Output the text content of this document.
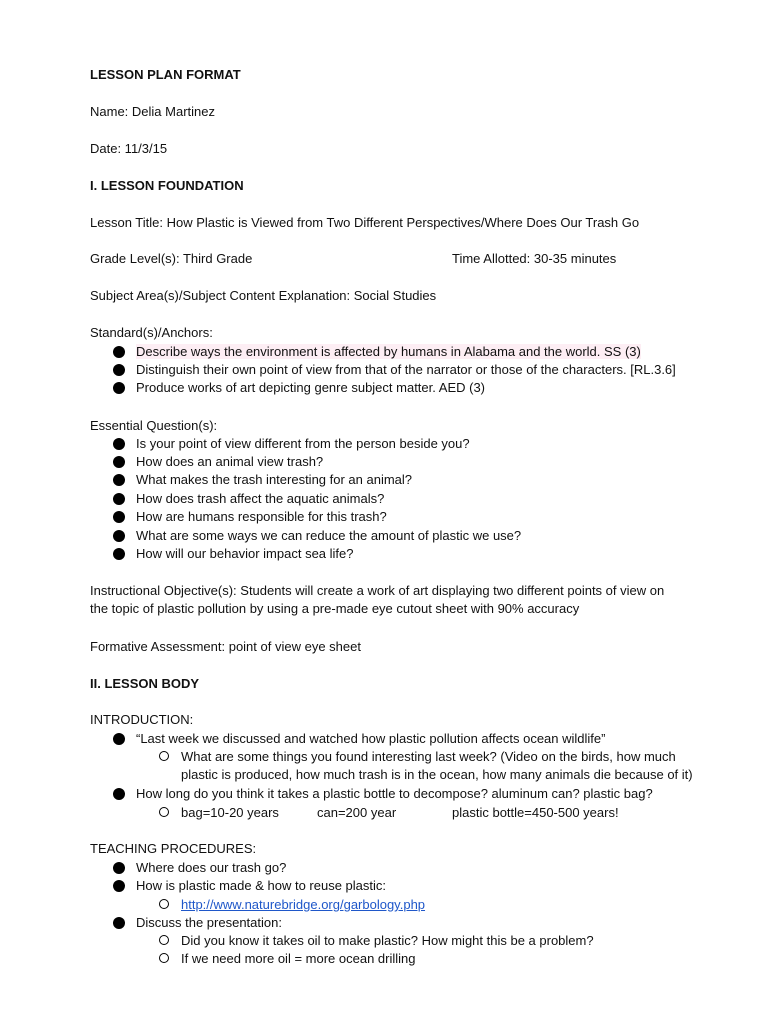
LESSON PLAN FORMAT
Name: Delia Martinez
Date: 11/3/15
I. LESSON FOUNDATION
Lesson Title: How Plastic is Viewed from Two Different Perspectives/Where Does Our Trash Go
Grade Level(s): Third Grade	Time Allotted: 30-35 minutes
Subject Area(s)/Subject Content Explanation: Social Studies
Standard(s)/Anchors:
Describe ways the environment is affected by humans in Alabama and the world. SS (3)
Distinguish their own point of view from that of the narrator or those of the characters. [RL.3.6]
Produce works of art depicting genre subject matter. AED (3)
Essential Question(s):
Is your point of view different from the person beside you?
How does an animal view trash?
What makes the trash interesting for an animal?
How does trash affect the aquatic animals?
How are humans responsible for this trash?
What are some ways we can reduce the amount of plastic we use?
How will our behavior impact sea life?
Instructional Objective(s): Students will create a work of art displaying two different points of view on
the topic of plastic pollution by using a pre-made eye cutout sheet with 90% accuracy
Formative Assessment: point of view eye sheet
II. LESSON BODY
INTRODUCTION:
“Last week we discussed and watched how plastic pollution affects ocean wildlife”
What are some things you found interesting last week? (Video on the birds, how much
plastic is produced, how much trash is in the ocean, how many animals die because of it)
How long do you think it takes a plastic bottle to decompose? aluminum can? plastic bag?
bag=10-20 years	can=200 year	plastic bottle=450-500 years!
TEACHING PROCEDURES:
Where does our trash go?
How is plastic made & how to reuse plastic:
http://www.naturebridge.org/garbology.php
Discuss the presentation:
Did you know it takes oil to make plastic? How might this be a problem?
If we need more oil = more ocean drilling
